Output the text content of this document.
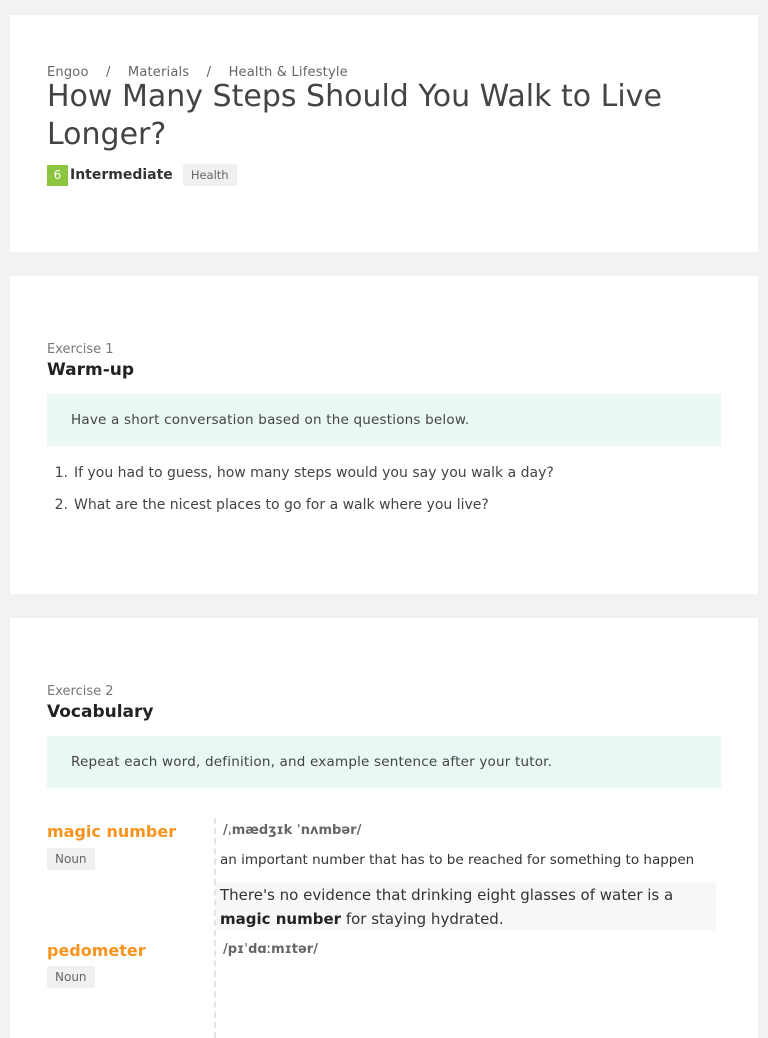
Engoo / Materials / Health & Lifestyle
How Many Steps Should You Walk to Live Longer?
6 Intermediate	Health
Exercise 1
Warm-up
Have a short conversation based on the questions below.
1. If you had to guess, how many steps would you say you walk a day?
2. What are the nicest places to go for a walk where you live?
Exercise 2
Vocabulary
Repeat each word, definition, and example sentence after your tutor.
magic number
Noun
/ˌmædʒɪk ˈnʌmbər/
an important number that has to be reached for something to happen
There's no evidence that drinking eight glasses of water is a
magic number for staying hydrated.
pedometer
Noun
/pɪˈdɑːmɪtər/
